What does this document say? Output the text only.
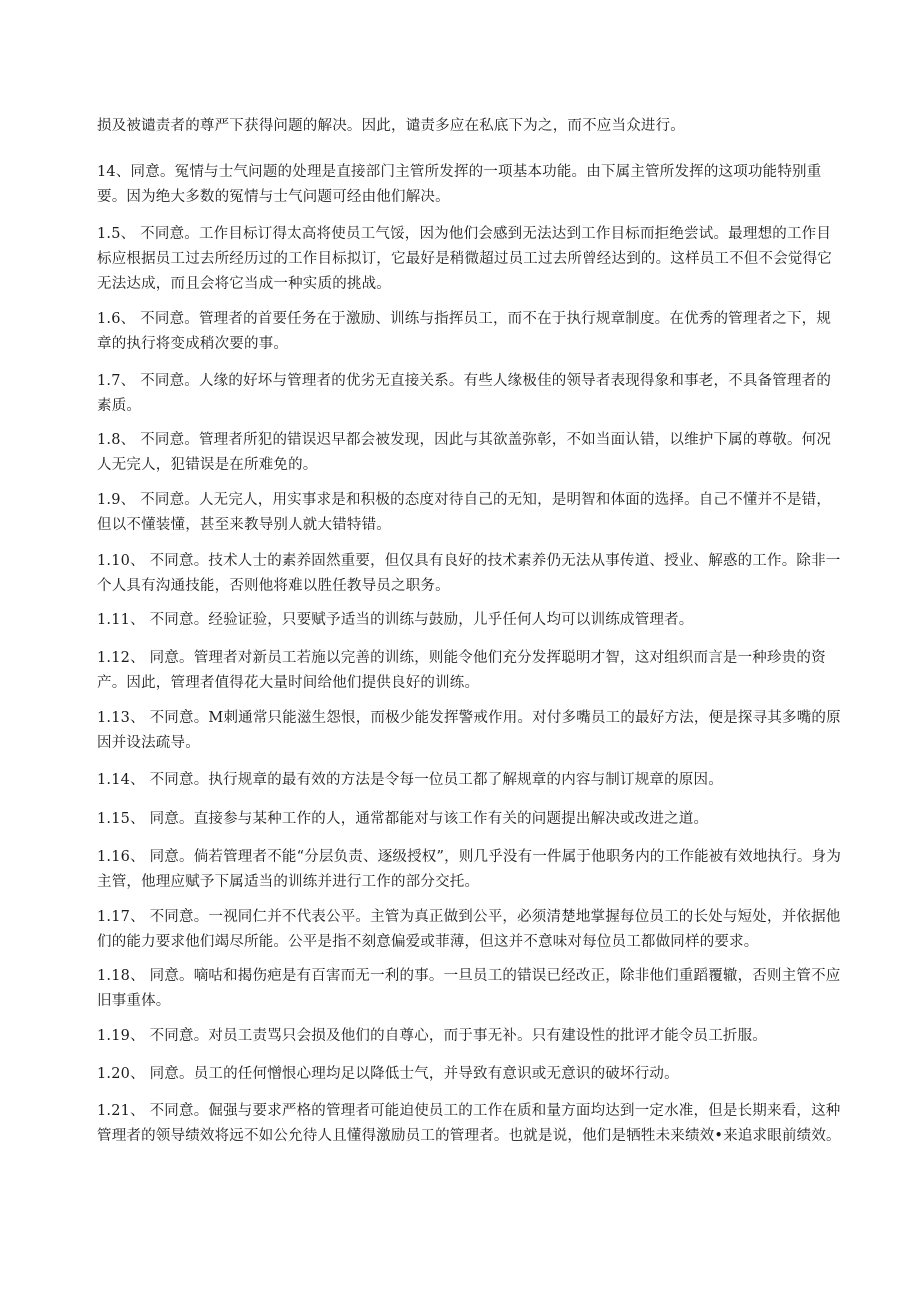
损及被谴责者的尊严下获得问题的解决。因此，谴责多应在私底下为之，而不应当众进行。

14、同意。冤情与士气问题的处理是直接部门主管所发挥的一项基本功能。由下属主管所发挥的这项功能特别重要。因为绝大多数的冤情与士气问题可经由他们解决。

1.5、 不同意。工作目标订得太高将使员工气馁，因为他们会感到无法达到工作目标而拒绝尝试。最理想的工作目标应根据员工过去所经历过的工作目标拟订，它最好是稍微超过员工过去所曾经达到的。这样员工不但不会觉得它无法达成，而且会将它当成一种实质的挑战。

1.6、 不同意。管理者的首要任务在于激励、训练与指挥员工，而不在于执行规章制度。在优秀的管理者之下，规章的执行将变成稍次要的事。

1.7、 不同意。人缘的好坏与管理者的优劣无直接关系。有些人缘极佳的领导者表现得象和事老，不具备管理者的素质。

1.8、 不同意。管理者所犯的错误迟早都会被发现，因此与其欲盖弥彰，不如当面认错，以维护下属的尊敬。何况人无完人，犯错误是在所难免的。

1.9、 不同意。人无完人，用实事求是和积极的态度对待自己的无知，是明智和体面的选择。自己不懂并不是错，但以不懂装懂，甚至来教导别人就大错特错。

1.10、 不同意。技术人士的素养固然重要，但仅具有良好的技术素养仍无法从事传道、授业、解惑的工作。除非一个人具有沟通技能，否则他将难以胜任教导员之职务。

1.11、 不同意。经验证验，只要赋予适当的训练与鼓励，儿乎任何人均可以训练成管理者。

1.12、 同意。管理者对新员工若施以完善的训练，则能令他们充分发挥聪明才智，这对组织而言是一种珍贵的资产。因此，管理者值得花大量时间给他们提供良好的训练。

1.13、 不同意。M刺通常只能滋生怨恨，而极少能发挥警戒作用。对付多嘴员工的最好方法，便是探寻其多嘴的原因并设法疏导。

1.14、 不同意。执行规章的最有效的方法是令每一位员工都了解规章的内容与制订规章的原因。

1.15、 同意。直接参与某种工作的人，通常都能对与该工作有关的问题提出解决或改进之道。

1.16、 同意。倘若管理者不能“分层负责、逐级授权”，则几乎没有一件属于他职务内的工作能被有效地执行。身为主管，他理应赋予下属适当的训练并进行工作的部分交托。

1.17、 不同意。一视同仁并不代表公平。主管为真正做到公平，必须清楚地掌握每位员工的长处与短处，并依据他们的能力要求他们竭尽所能。公平是指不刻意偏爱或菲薄，但这并不意味对每位员工都做同样的要求。

1.18、 同意。嘀咕和揭伤疤是有百害而无一利的事。一旦员工的错误已经改正，除非他们重蹈覆辙，否则主管不应旧事重体。

1.19、 不同意。对员工责骂只会损及他们的自尊心，而于事无补。只有建设性的批评才能令员工折服。

1.20、 同意。员工的任何憎恨心理均足以降低士气，并导致有意识或无意识的破坏行动。

1.21、 不同意。倔强与要求严格的管理者可能迫使员工的工作在质和量方面均达到一定水准，但是长期来看，这种管理者的领导绩效将远不如公允待人且懂得激励员工的管理者。也就是说，他们是牺牲未来绩效•来追求眼前绩效。
